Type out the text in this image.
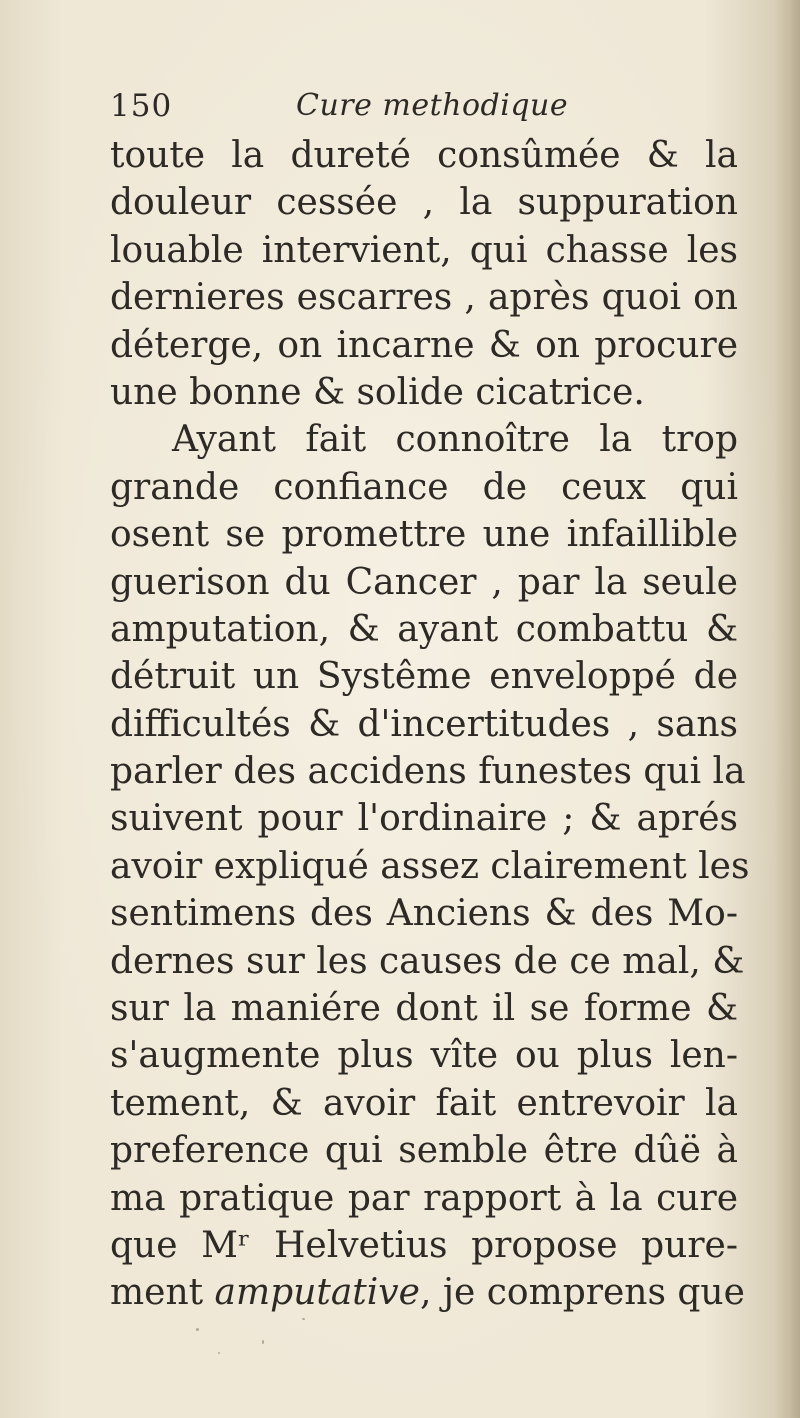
150	Cure methodique
toute la dureté consûmée & la
douleur cessée , la suppuration
louable intervient, qui chasse les
dernieres escarres , après quoi on
déterge, on incarne & on procure
une bonne & solide cicatrice.
Ayant fait connoître la trop
grande confiance de ceux qui
osent se promettre une infaillible
guerison du Cancer , par la seule
amputation, & ayant combattu &
détruit un Systême enveloppé de
difficultés & d'incertitudes , sans
parler des accidens funestes qui la
suivent pour l'ordinaire ; & aprés
avoir expliqué assez clairement les
sentimens des Anciens & des Mo-
dernes sur les causes de ce mal, &
sur la maniére dont il se forme &
s'augmente plus vîte ou plus len-
tement, & avoir fait entrevoir la
preference qui semble être dûë à
ma pratique par rapport à la cure
que Mʳ Helvetius propose pure-
ment amputative, je comprens que
